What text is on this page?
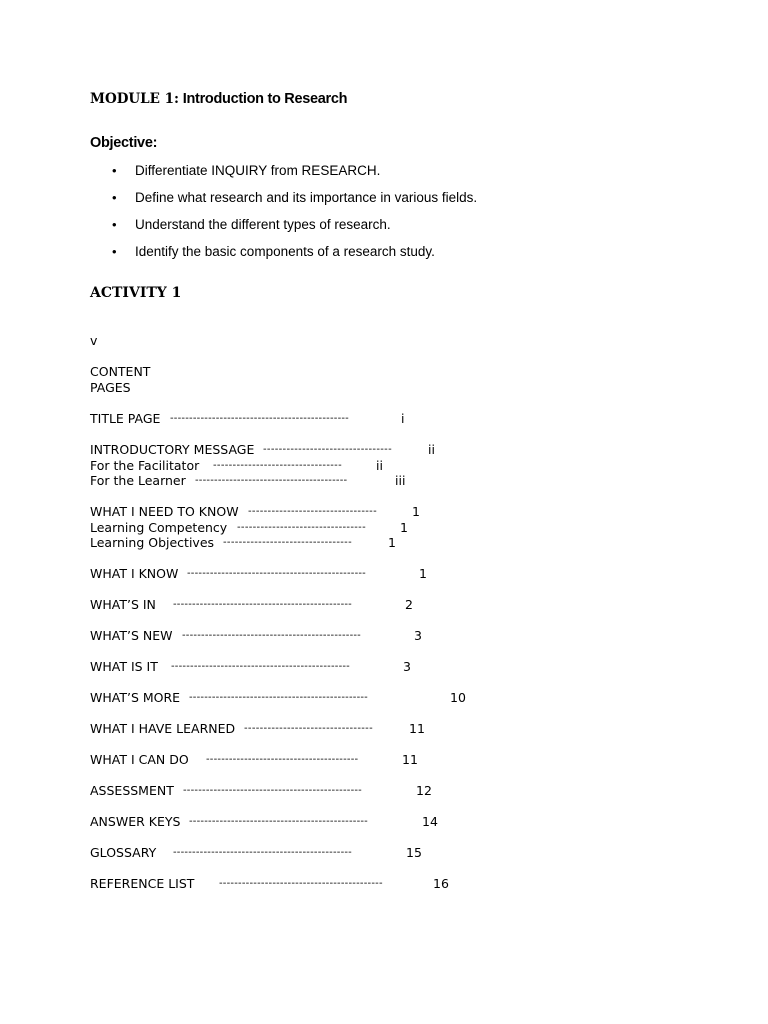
MODULE 1: Introduction to Research
Objective:
• Differentiate INQUIRY from RESEARCH.
• Define what research and its importance in various fields.
• Understand the different types of research.
• Identify the basic components of a research study.
ACTIVITY 1
v
CONTENT
PAGES
TITLE PAGE -----------------------------------------------	i
INTRODUCTORY MESSAGE ---------------------------------	ii
For the Facilitator ---------------------------------	ii
For the Learner ----------------------------------------	iii
WHAT I NEED TO KNOW ---------------------------------	1
Learning Competency ---------------------------------	1
Learning Objectives ---------------------------------	1
WHAT I KNOW -----------------------------------------------	1
WHAT’S IN -----------------------------------------------	2
WHAT’S NEW -----------------------------------------------	3
WHAT IS IT -----------------------------------------------	3
WHAT’S MORE -----------------------------------------------	10
WHAT I HAVE LEARNED ---------------------------------	11
WHAT I CAN DO ----------------------------------------	11
ASSESSMENT -----------------------------------------------	12
ANSWER KEYS -----------------------------------------------	14
GLOSSARY -----------------------------------------------	15
REFERENCE LIST -------------------------------------------	16
